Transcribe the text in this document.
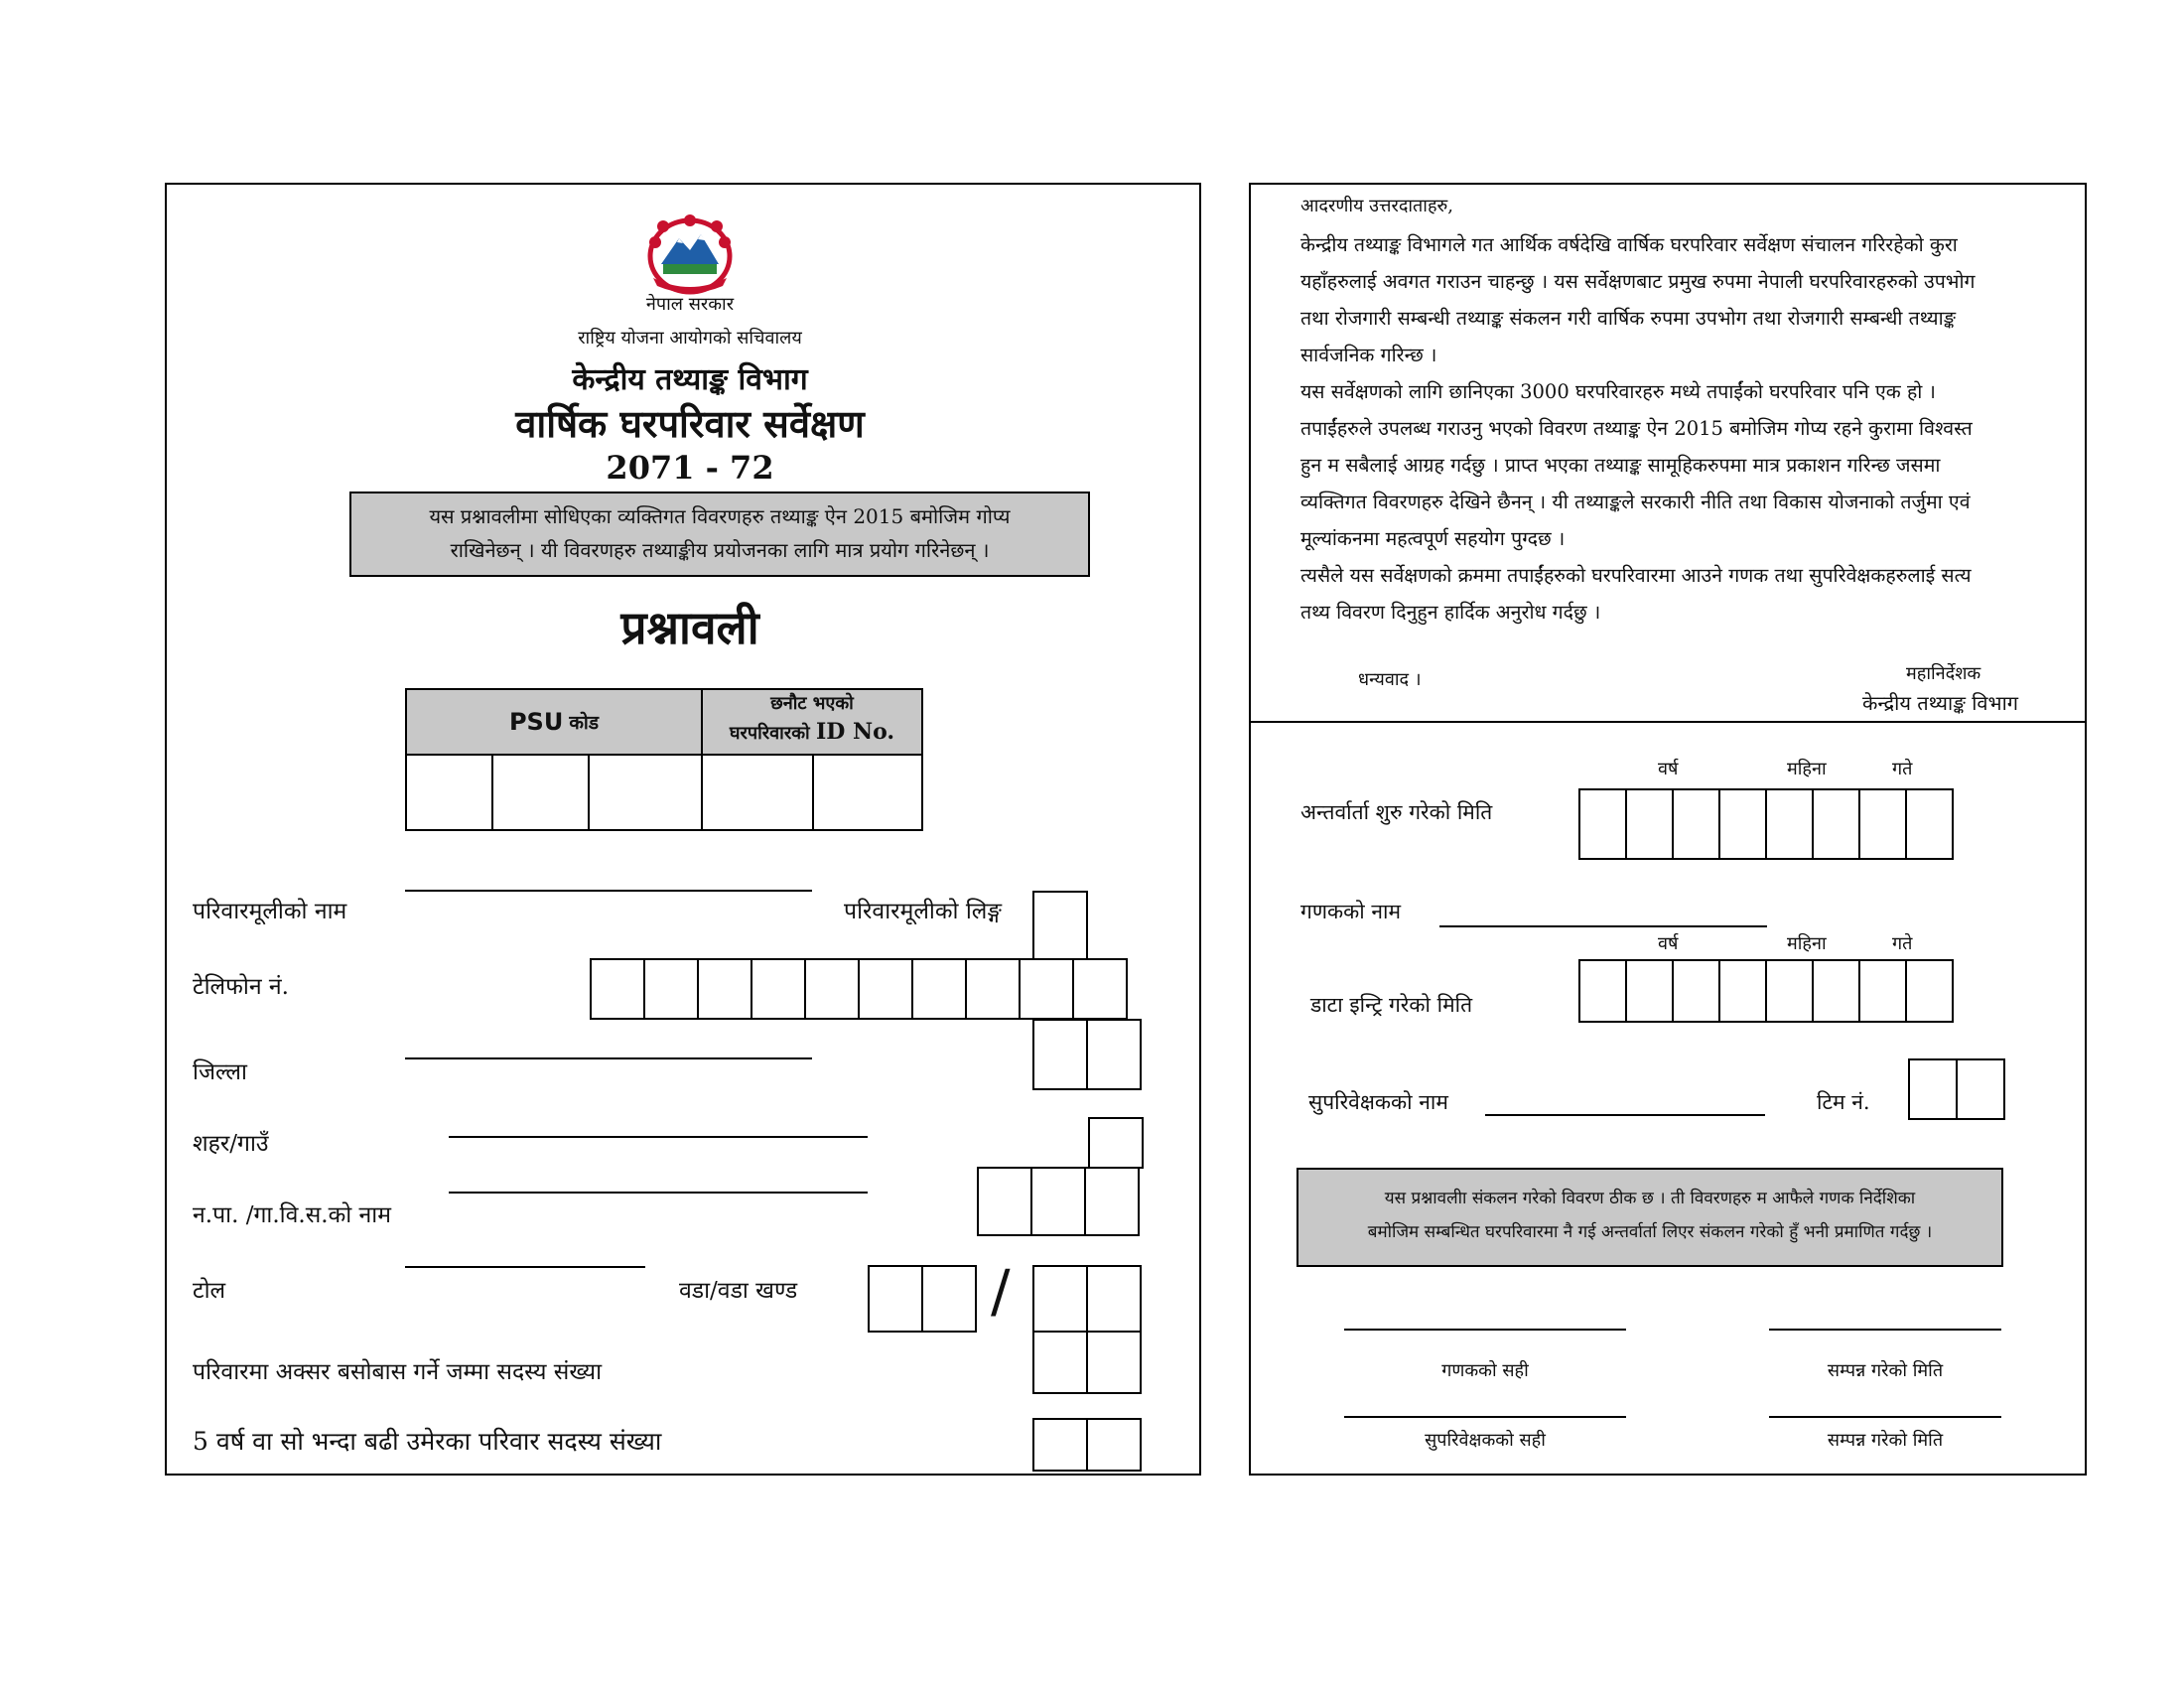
नेपाल सरकार
राष्ट्रिय योजना आयोगको सचिवालय
केन्द्रीय तथ्याङ्क विभाग
वार्षिक घरपरिवार सर्वेक्षण
2071 - 72
यस प्रश्नावलीमा सोधिएका व्यक्तिगत विवरणहरु तथ्याङ्क ऐन 2015 बमोजिम गोप्य
राखिनेछन् । यी विवरणहरु तथ्याङ्कीय प्रयोजनका लागि मात्र प्रयोग गरिनेछन् ।
प्रश्नावली
PSU कोड
छनौट भएको
घरपरिवारको ID No.
परिवारमूलीको नाम	परिवारमूलीको लिङ्ग
टेलिफोन नं.
जिल्ला
शहर/गाउँ
न.पा. /गा.वि.स.को नाम
टोल	वडा/वडा खण्ड	/
परिवारमा अक्सर बसोबास गर्ने जम्मा सदस्य संख्या
5 वर्ष वा सो भन्दा बढी उमेरका परिवार सदस्य संख्या
आदरणीय उत्तरदाताहरु,
केन्द्रीय तथ्याङ्क विभागले गत आर्थिक वर्षदेखि वार्षिक घरपरिवार सर्वेक्षण संचालन गरिरहेको कुरा
यहाँहरुलाई अवगत गराउन चाहन्छु । यस सर्वेक्षणबाट प्रमुख रुपमा नेपाली घरपरिवारहरुको उपभोग
तथा रोजगारी सम्बन्धी तथ्याङ्क संकलन गरी वार्षिक रुपमा उपभोग तथा रोजगारी सम्बन्धी तथ्याङ्क
सार्वजनिक गरिन्छ ।
यस सर्वेक्षणको लागि छानिएका 3000 घरपरिवारहरु मध्ये तपाईंको घरपरिवार पनि एक हो ।
तपाईंहरुले उपलब्ध गराउनु भएको विवरण तथ्याङ्क ऐन 2015 बमोजिम गोप्य रहने कुरामा विश्वस्त
हुन म सबैलाई आग्रह गर्दछु । प्राप्त भएका तथ्याङ्क सामूहिकरुपमा मात्र प्रकाशन गरिन्छ जसमा
व्यक्तिगत विवरणहरु देखिने छैनन् । यी तथ्याङ्कले सरकारी नीति तथा विकास योजनाको तर्जुमा एवं
मूल्यांकनमा महत्वपूर्ण सहयोग पुग्दछ ।
त्यसैले यस सर्वेक्षणको क्रममा तपाईंहरुको घरपरिवारमा आउने गणक तथा सुपरिवेक्षकहरुलाई सत्य
तथ्य विवरण दिनुहुन हार्दिक अनुरोध गर्दछु ।
धन्यवाद ।	महानिर्देशक
केन्द्रीय तथ्याङ्क विभाग
वर्ष	महिना	गते
अन्तर्वार्ता शुरु गरेको मिति
गणकको नाम
वर्ष	महिना	गते
डाटा इन्ट्रि गरेको मिति
सुपरिवेक्षकको नाम	टिम नं.
यस प्रश्नावलीा संकलन गरेको विवरण ठीक छ । ती विवरणहरु म आफैले गणक निर्देशिका
बमोजिम सम्बन्धित घरपरिवारमा नै गई अन्तर्वार्ता लिएर संकलन गरेको हुँ भनी प्रमाणित गर्दछु ।
गणकको सही	सम्पन्न गरेको मिति
सुपरिवेक्षकको सही	सम्पन्न गरेको मिति
